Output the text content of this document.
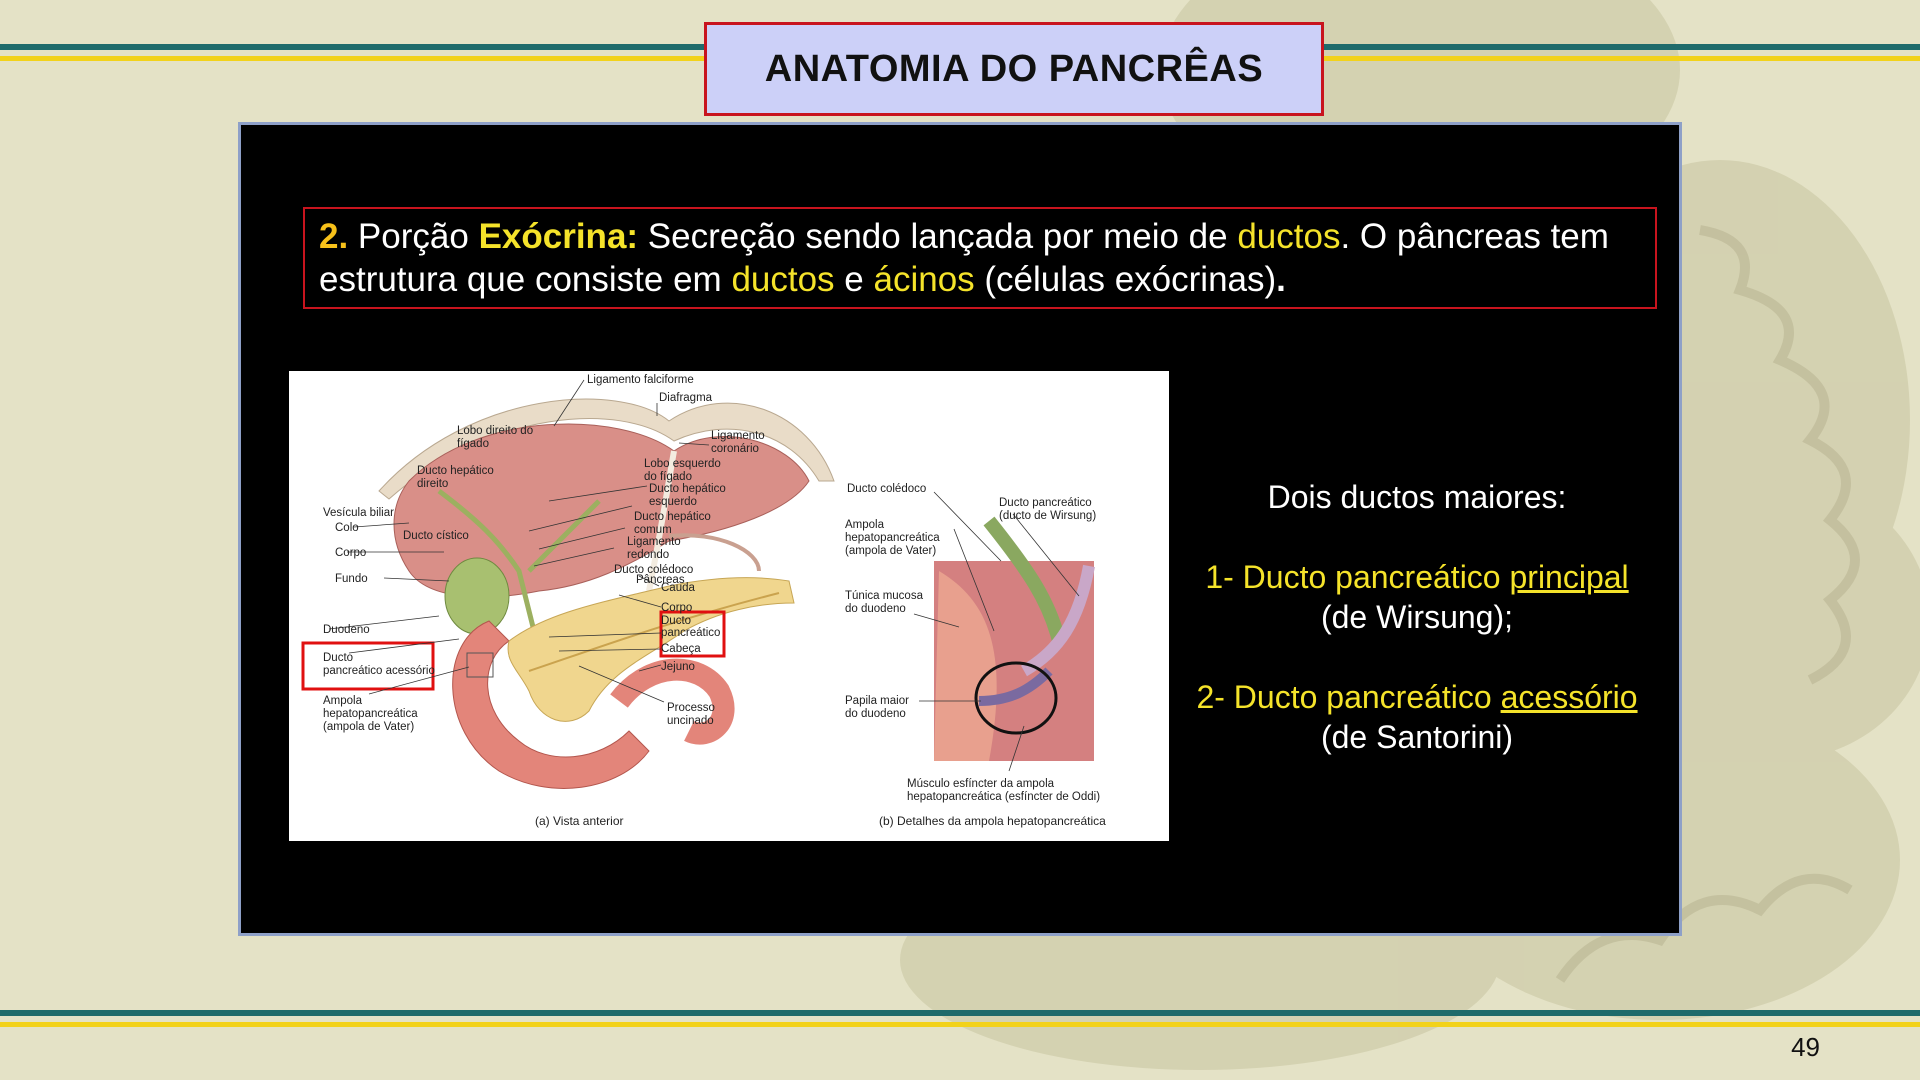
ANATOMIA DO PANCRÊAS
2. Porção Exócrina: Secreção sendo lançada por meio de ductos. O pâncreas tem estrutura que consiste em ductos e ácinos (células exócrinas).
Ligamento falciforme
Diafragma
Ligamento
coronário
Lobo direito do
fígado
Ducto hepático
direito
Lobo esquerdo
do fígado
Ducto hepático
esquerdo
Ducto hepático
comum
Ligamento
redondo
Ducto colédoco
Vesícula biliar
Colo
Corpo
Fundo
Ducto cístico
Pâncreas
Cauda
Corpo
Ducto
pancreático
Cabeça
Jejuno
Duodeno
Ducto
pancreático acessório
Ampola
hepatopancreática
(ampola de Vater)
Processo
uncinado
(a) Vista anterior
Ducto colédoco
Ampola
hepatopancreática
(ampola de Vater)
Ducto pancreático
(ducto de Wirsung)
Túnica mucosa
do duodeno
Papila maior
do duodeno
Músculo esfíncter da ampola
hepatopancreática (esfíncter de Oddi)
(b) Detalhes da ampola hepatopancreática
Dois ductos maiores:
1- Ducto pancreático principal
(de Wirsung);
2- Ducto pancreático acessório
(de Santorini)
49
